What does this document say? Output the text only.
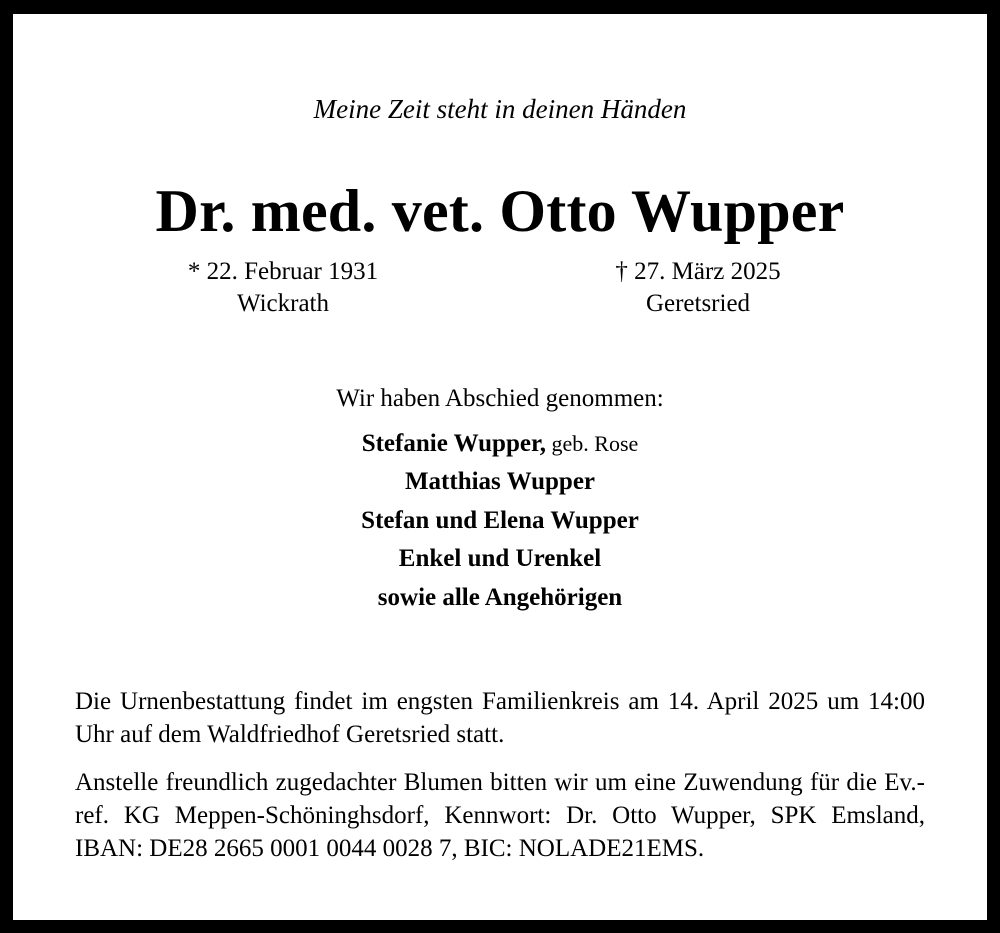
Meine Zeit steht in deinen Händen
Dr. med. vet. Otto Wupper
* 22. Februar 1931
Wickrath
† 27. März 2025
Geretsried
Wir haben Abschied genommen:
Stefanie Wupper, geb. Rose
Matthias Wupper
Stefan und Elena Wupper
Enkel und Urenkel
sowie alle Angehörigen

Die Urnenbestattung findet im engsten Familienkreis am 14. April 2025 um 14:00 Uhr auf dem Waldfriedhof Geretsried statt.

Anstelle freundlich zugedachter Blumen bitten wir um eine Zuwendung für die Ev.-ref. KG Meppen-Schöninghsdorf, Kennwort: Dr. Otto Wupper, SPK Emsland, IBAN: DE28 2665 0001 0044 0028 7, BIC: NOLADE21EMS.
